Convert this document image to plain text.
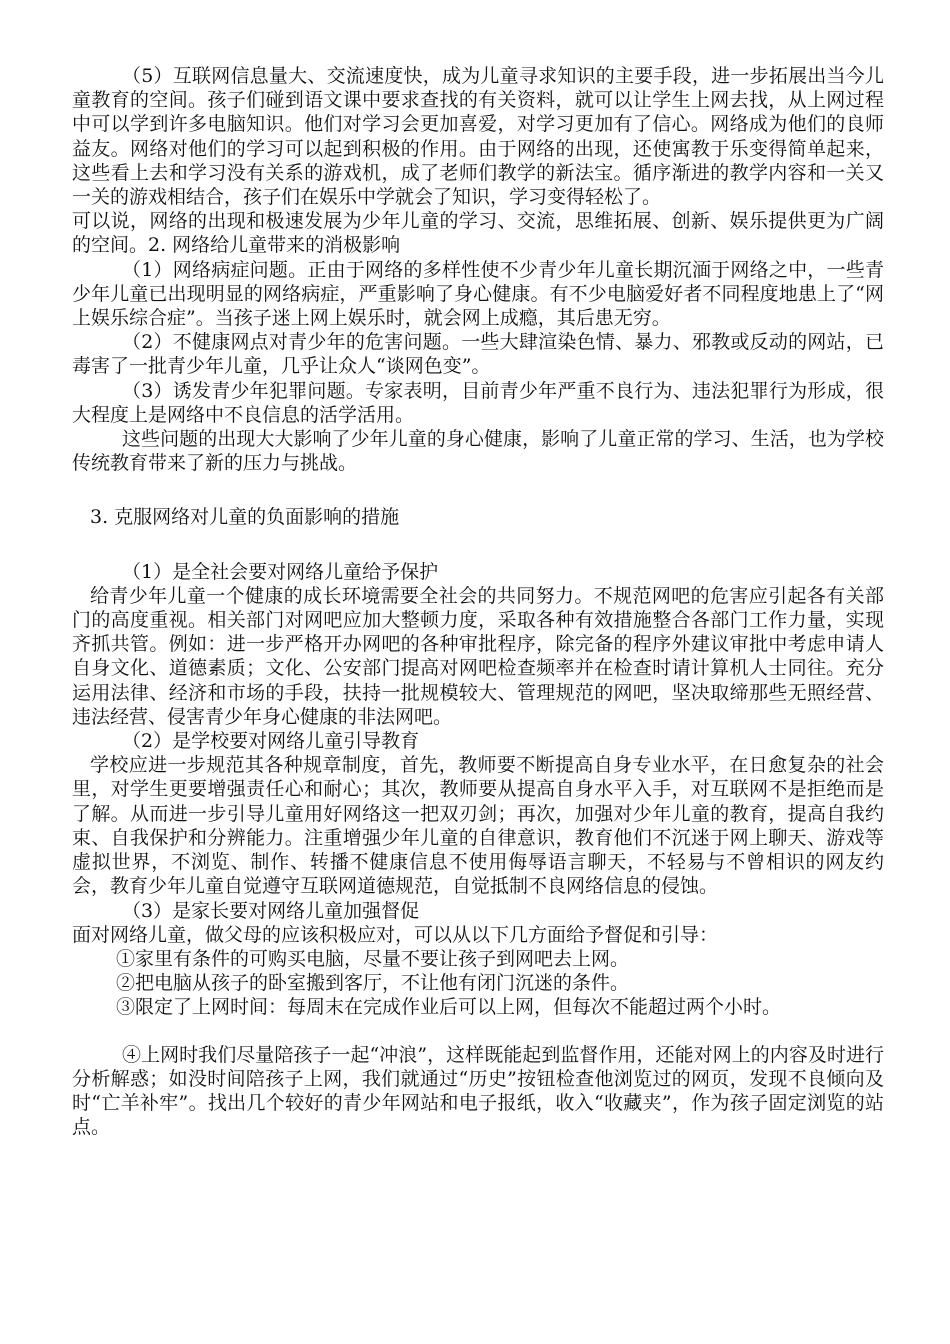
（5）互联网信息量大、交流速度快，成为儿童寻求知识的主要手段，进一步拓展出当今儿童教育的空间。孩子们碰到语文课中要求查找的有关资料，就可以让学生上网去找，从上网过程中可以学到许多电脑知识。他们对学习会更加喜爱，对学习更加有了信心。网络成为他们的良师益友。网络对他们的学习可以起到积极的作用。由于网络的出现，还使寓教于乐变得简单起来，这些看上去和学习没有关系的游戏机，成了老师们教学的新法宝。循序渐进的教学内容和一关又一关的游戏相结合，孩子们在娱乐中学就会了知识，学习变得轻松了。

可以说，网络的出现和极速发展为少年儿童的学习、交流，思维拓展、创新、娱乐提供更为广阔的空间。2. 网络给儿童带来的消极影响

（1）网络病症问题。正由于网络的多样性使不少青少年儿童长期沉湎于网络之中，一些青少年儿童已出现明显的网络病症，严重影响了身心健康。有不少电脑爱好者不同程度地患上了“网上娱乐综合症”。当孩子迷上网上娱乐时，就会网上成瘾，其后患无穷。

（2）不健康网点对青少年的危害问题。一些大肆渲染色情、暴力、邪教或反动的网站，已毒害了一批青少年儿童，几乎让众人“谈网色变”。

（3）诱发青少年犯罪问题。专家表明，目前青少年严重不良行为、违法犯罪行为形成，很大程度上是网络中不良信息的活学活用。

这些问题的出现大大影响了少年儿童的身心健康，影响了儿童正常的学习、生活，也为学校传统教育带来了新的压力与挑战。

3. 克服网络对儿童的负面影响的措施

（1）是全社会要对网络儿童给予保护

给青少年儿童一个健康的成长环境需要全社会的共同努力。不规范网吧的危害应引起各有关部门的高度重视。相关部门对网吧应加大整顿力度，采取各种有效措施整合各部门工作力量，实现齐抓共管。例如：进一步严格开办网吧的各种审批程序，除完备的程序外建议审批中考虑申请人自身文化、道德素质；文化、公安部门提高对网吧检查频率并在检查时请计算机人士同往。充分运用法律、经济和市场的手段，扶持一批规模较大、管理规范的网吧，坚决取缔那些无照经营、违法经营、侵害青少年身心健康的非法网吧。

（2）是学校要对网络儿童引导教育

学校应进一步规范其各种规章制度，首先，教师要不断提高自身专业水平，在日愈复杂的社会里，对学生更要增强责任心和耐心；其次，教师要从提高自身水平入手，对互联网不是拒绝而是了解。从而进一步引导儿童用好网络这一把双刃剑；再次，加强对少年儿童的教育，提高自我约束、自我保护和分辨能力。注重增强少年儿童的自律意识，教育他们不沉迷于网上聊天、游戏等虚拟世界，不浏览、制作、转播不健康信息不使用侮辱语言聊天，不轻易与不曾相识的网友约会，教育少年儿童自觉遵守互联网道德规范，自觉抵制不良网络信息的侵蚀。

（3）是家长要对网络儿童加强督促

面对网络儿童，做父母的应该积极应对，可以从以下几方面给予督促和引导：

①家里有条件的可购买电脑，尽量不要让孩子到网吧去上网。

②把电脑从孩子的卧室搬到客厅，不让他有闭门沉迷的条件。

③限定了上网时间：每周末在完成作业后可以上网，但每次不能超过两个小时。

④上网时我们尽量陪孩子一起“冲浪”，这样既能起到监督作用，还能对网上的内容及时进行分析解惑；如没时间陪孩子上网，我们就通过“历史”按钮检查他浏览过的网页，发现不良倾向及时“亡羊补牢”。找出几个较好的青少年网站和电子报纸，收入“收藏夹”，作为孩子固定浏览的站点。
